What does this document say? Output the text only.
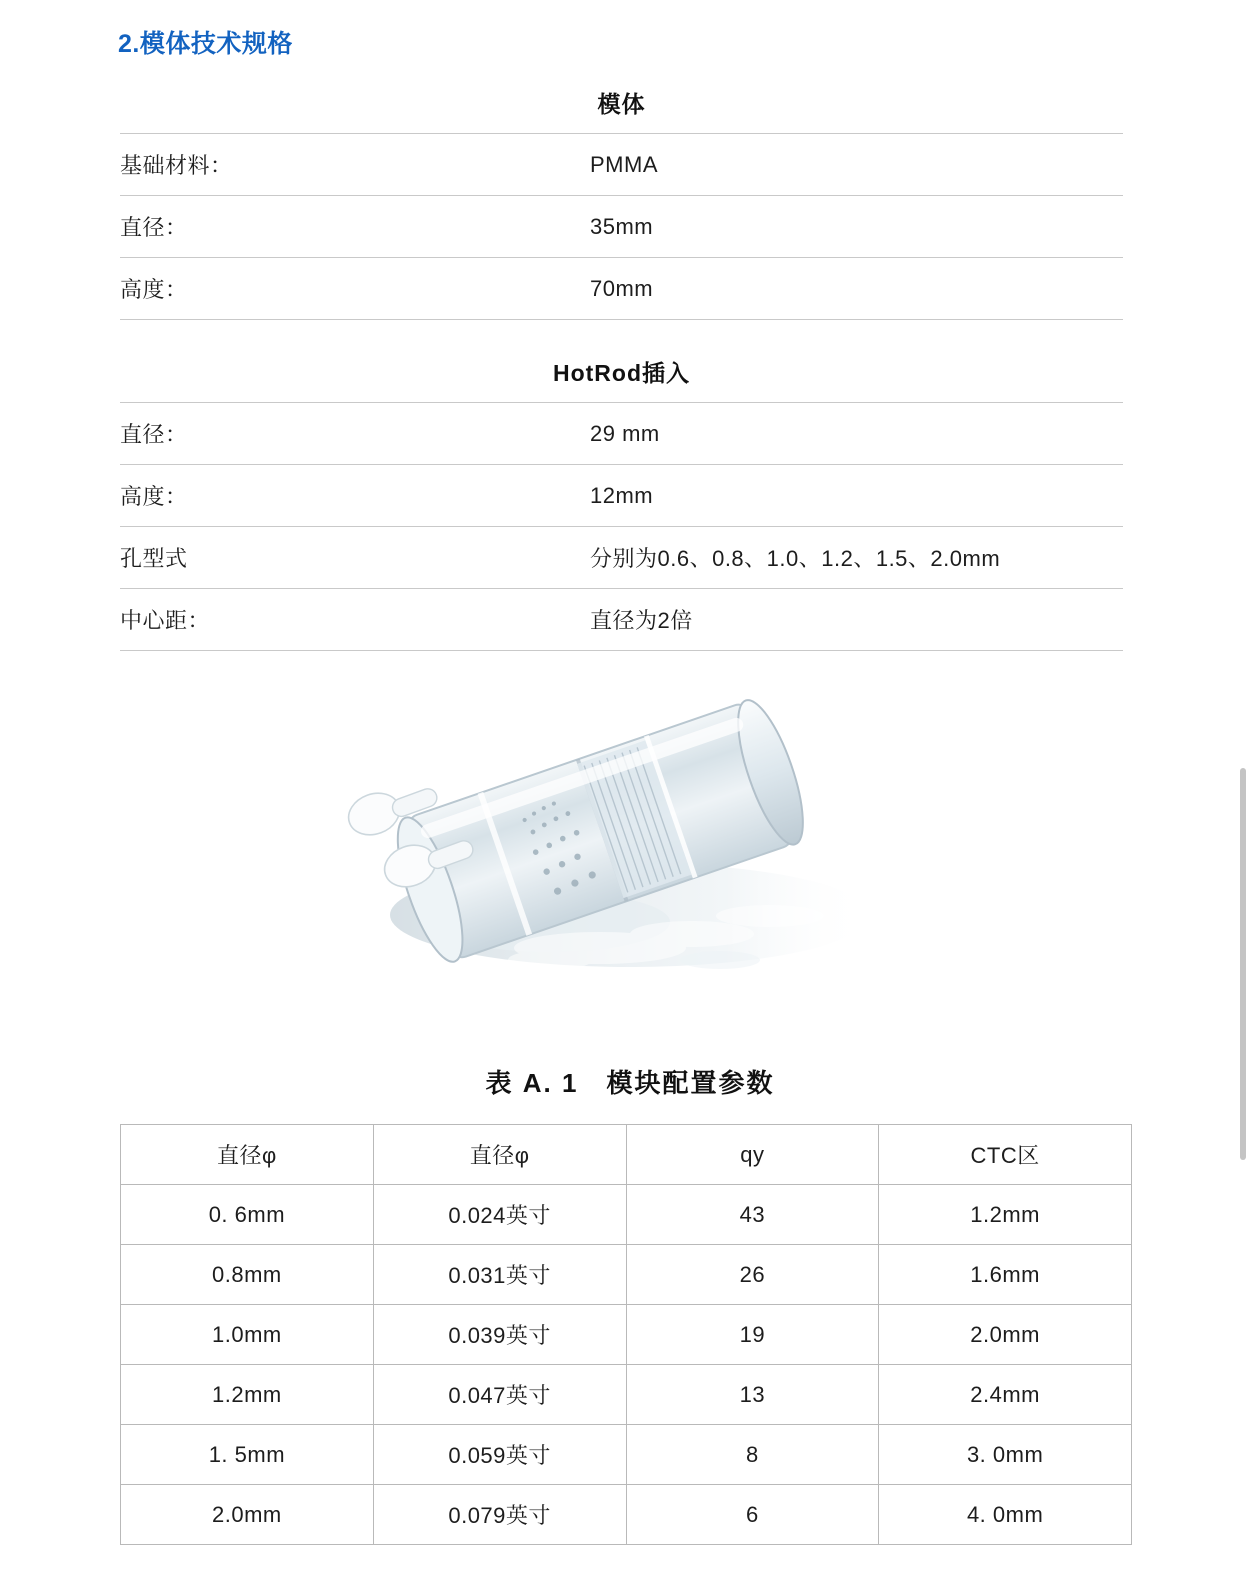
2.模体技术规格
模体
基础材料：	PMMA
直径：	35mm
高度：	70mm
HotRod插入
直径：	29 mm
高度：	12mm
孔型式	分别为0.6、0.8、1.0、1.2、1.5、2.0mm
中心距：	直径为2倍
表 A. 1　模块配置参数
直径φ	直径φ	qy	CTC区
0. 6mm	0.024英寸	43	1.2mm
0.8mm	0.031英寸	26	1.6mm
1.0mm	0.039英寸	19	2.0mm
1.2mm	0.047英寸	13	2.4mm
1. 5mm	0.059英寸	8	3. 0mm
2.0mm	0.079英寸	6	4. 0mm
